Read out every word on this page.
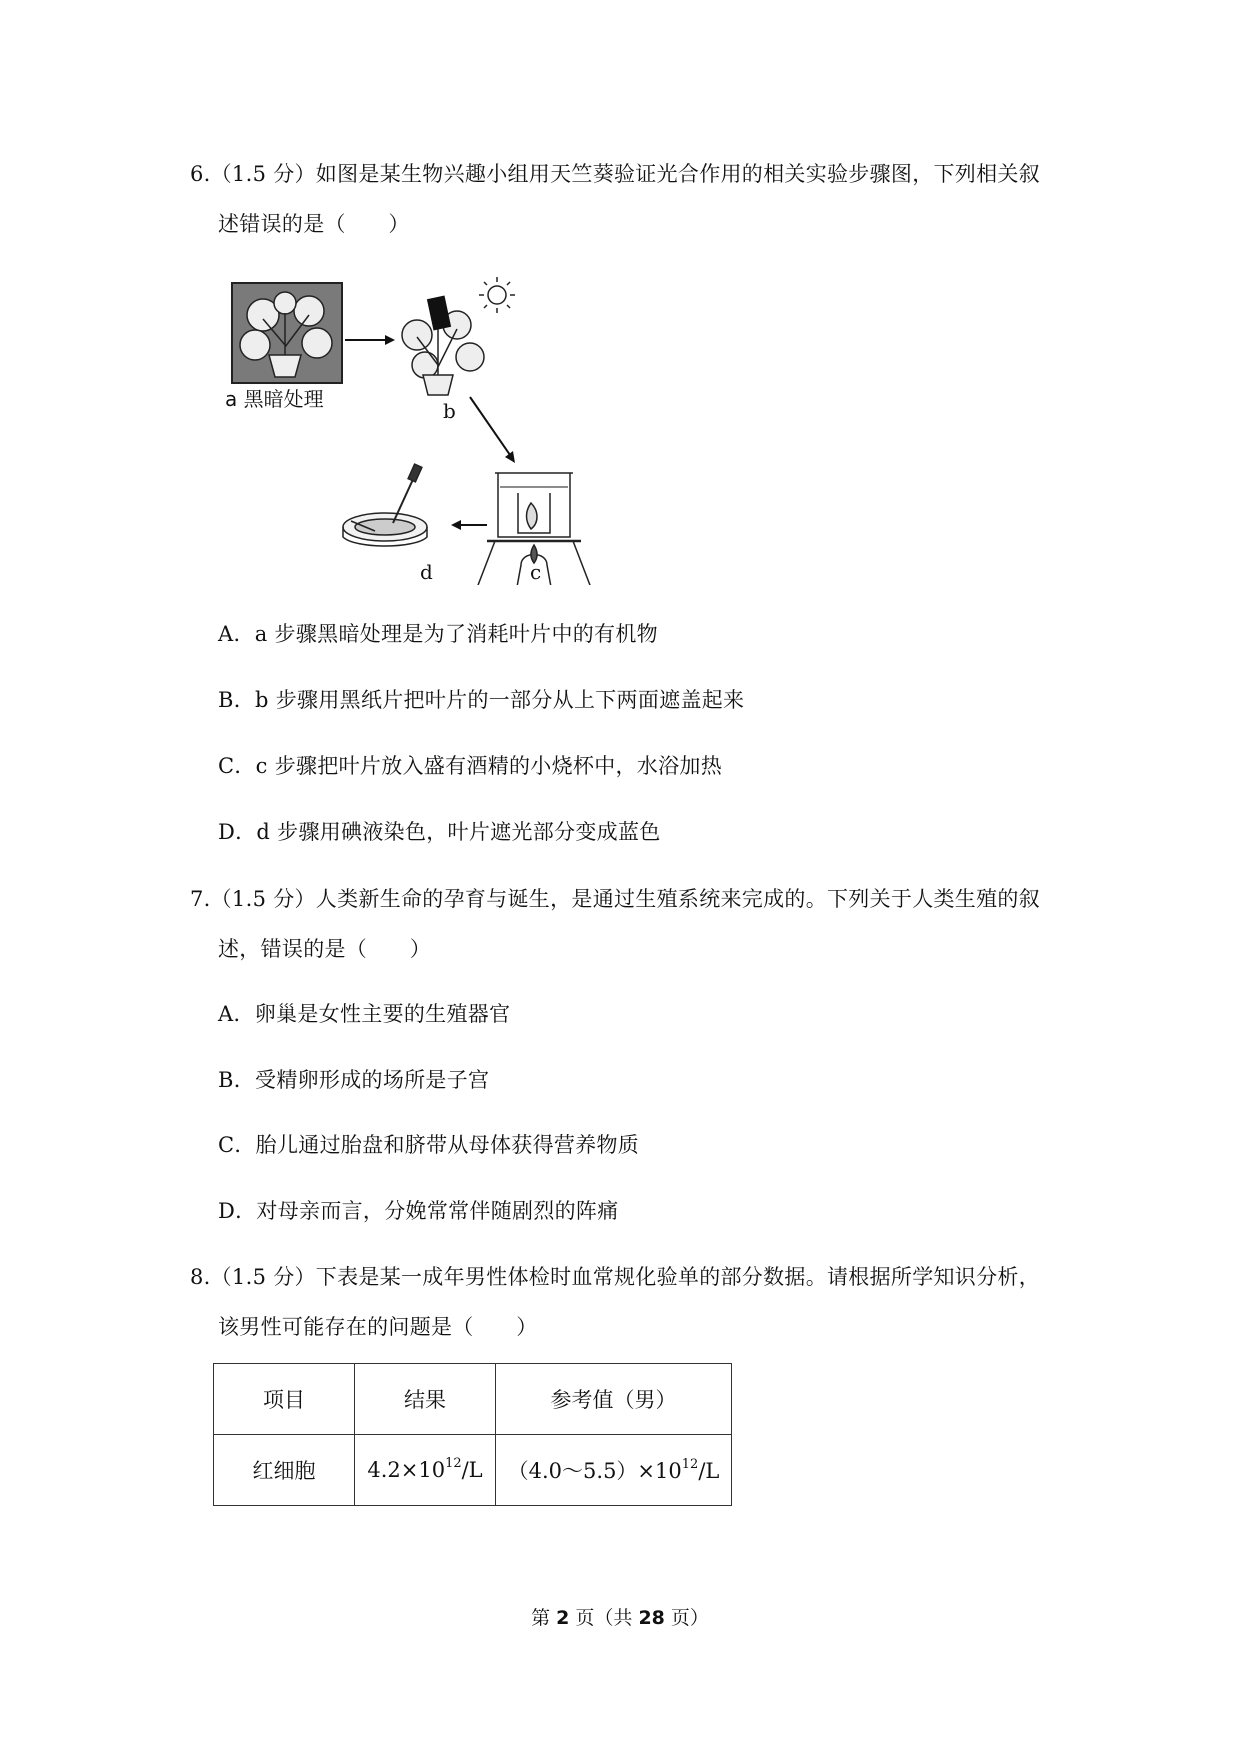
6.（1.5 分）如图是某生物兴趣小组用天竺葵验证光合作用的相关实验步骤图，下列相关叙
述错误的是（　　）
a 黑暗处理	b
c
d
A．a 步骤黑暗处理是为了消耗叶片中的有机物
B．b 步骤用黑纸片把叶片的一部分从上下两面遮盖起来
C．c 步骤把叶片放入盛有酒精的小烧杯中，水浴加热
D．d 步骤用碘液染色，叶片遮光部分变成蓝色
7.（1.5 分）人类新生命的孕育与诞生，是通过生殖系统来完成的。下列关于人类生殖的叙
述，错误的是（　　）
A．卵巢是女性主要的生殖器官
B．受精卵形成的场所是子宫
C．胎儿通过胎盘和脐带从母体获得营养物质
D．对母亲而言，分娩常常伴随剧烈的阵痛
8.（1.5 分）下表是某一成年男性体检时血常规化验单的部分数据。请根据所学知识分析，
该男性可能存在的问题是（　　）
项目	结果	参考值（男）
红细胞	$4.2\times 10^{12}/L$	$(4.0\sim 5.5)\times 10^{12}/L$
第 2 页（共 28 页）
